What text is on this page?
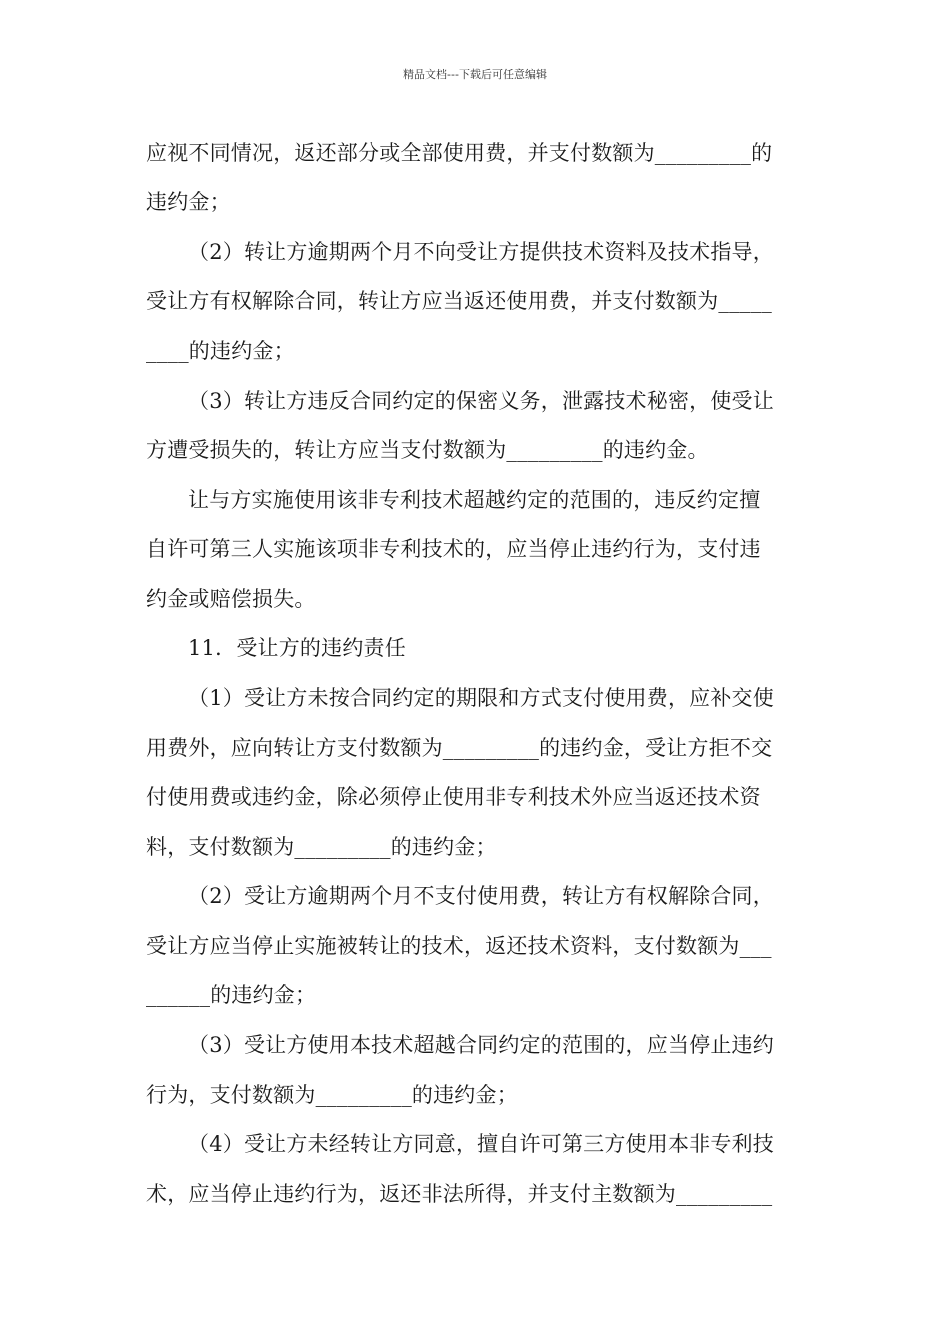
精品文档---下载后可任意编辑
应视不同情况，返还部分或全部使用费，并支付数额为_________的
违约金；
（2）转让方逾期两个月不向受让方提供技术资料及技术指导，
受让方有权解除合同，转让方应当返还使用费，并支付数额为_____
____的违约金；
（3）转让方违反合同约定的保密义务，泄露技术秘密，使受让
方遭受损失的，转让方应当支付数额为_________的违约金。
让与方实施使用该非专利技术超越约定的范围的，违反约定擅
自许可第三人实施该项非专利技术的，应当停止违约行为，支付违
约金或赔偿损失。
11．受让方的违约责任
（1）受让方未按合同约定的期限和方式支付使用费，应补交使
用费外，应向转让方支付数额为_________的违约金，受让方拒不交
付使用费或违约金，除必须停止使用非专利技术外应当返还技术资
料，支付数额为_________的违约金；
（2）受让方逾期两个月不支付使用费，转让方有权解除合同，
受让方应当停止实施被转让的技术，返还技术资料，支付数额为___
______的违约金；
（3）受让方使用本技术超越合同约定的范围的，应当停止违约
行为，支付数额为_________的违约金；
（4）受让方未经转让方同意，擅自许可第三方使用本非专利技
术，应当停止违约行为，返还非法所得，并支付主数额为_________
